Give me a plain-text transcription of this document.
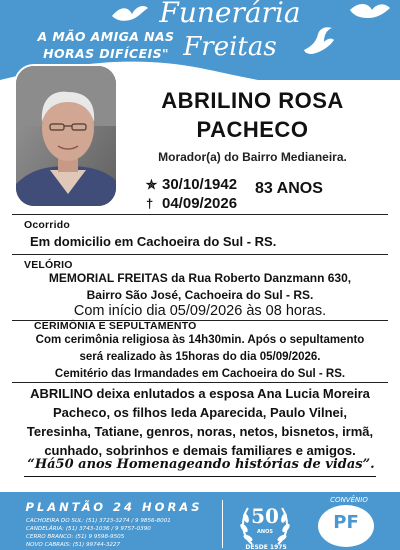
A MÃO AMIGA NAS HORAS DIFÍCEIS"
Funerária
Freitas
ABRILINO ROSA
PACHECO
Morador(a) do Bairro Medianeira.
✮ 30/10/1942
† 04/09/2026
83 ANOS
Ocorrido
Em domicilio em Cachoeira do Sul - RS.
VELÓRIO
MEMORIAL FREITAS da Rua Roberto Danzmann 630,
Bairro São José, Cachoeira do Sul - RS.
Com início dia 05/09/2026 às 08 horas.
CERIMÔNIA E SEPULTAMENTO
Com cerimônia religiosa às 14h30min. Após o sepultamento
será realizado às 15horas do dia 05/09/2026.
Cemitério das Irmandades em Cachoeira do Sul - RS.
ABRILINO deixa enlutados a esposa Ana Lucia Moreira
Pacheco, os filhos Ieda Aparecida, Paulo Vilnei,
Teresinha, Tatiane, genros, noras, netos, bisnetos, irmã,
cunhado, sobrinhos e demais familiares e amigos.
“Há50 anos Homenageando histórias de vidas”.
PLANTÃO 24 HORAS
CACHOEIRA DO SUL: (51) 3723-3274 / 9 9856-8001
CANDELÁRIA: (51) 3743-1036 / 9 9757-0390
CERRO BRANCO: (51) 9 9598-9505
NOVO CABRAIS: (51) 99744-3227
50
ANOS
DESDE 1975
CONVÊNIO
PF
